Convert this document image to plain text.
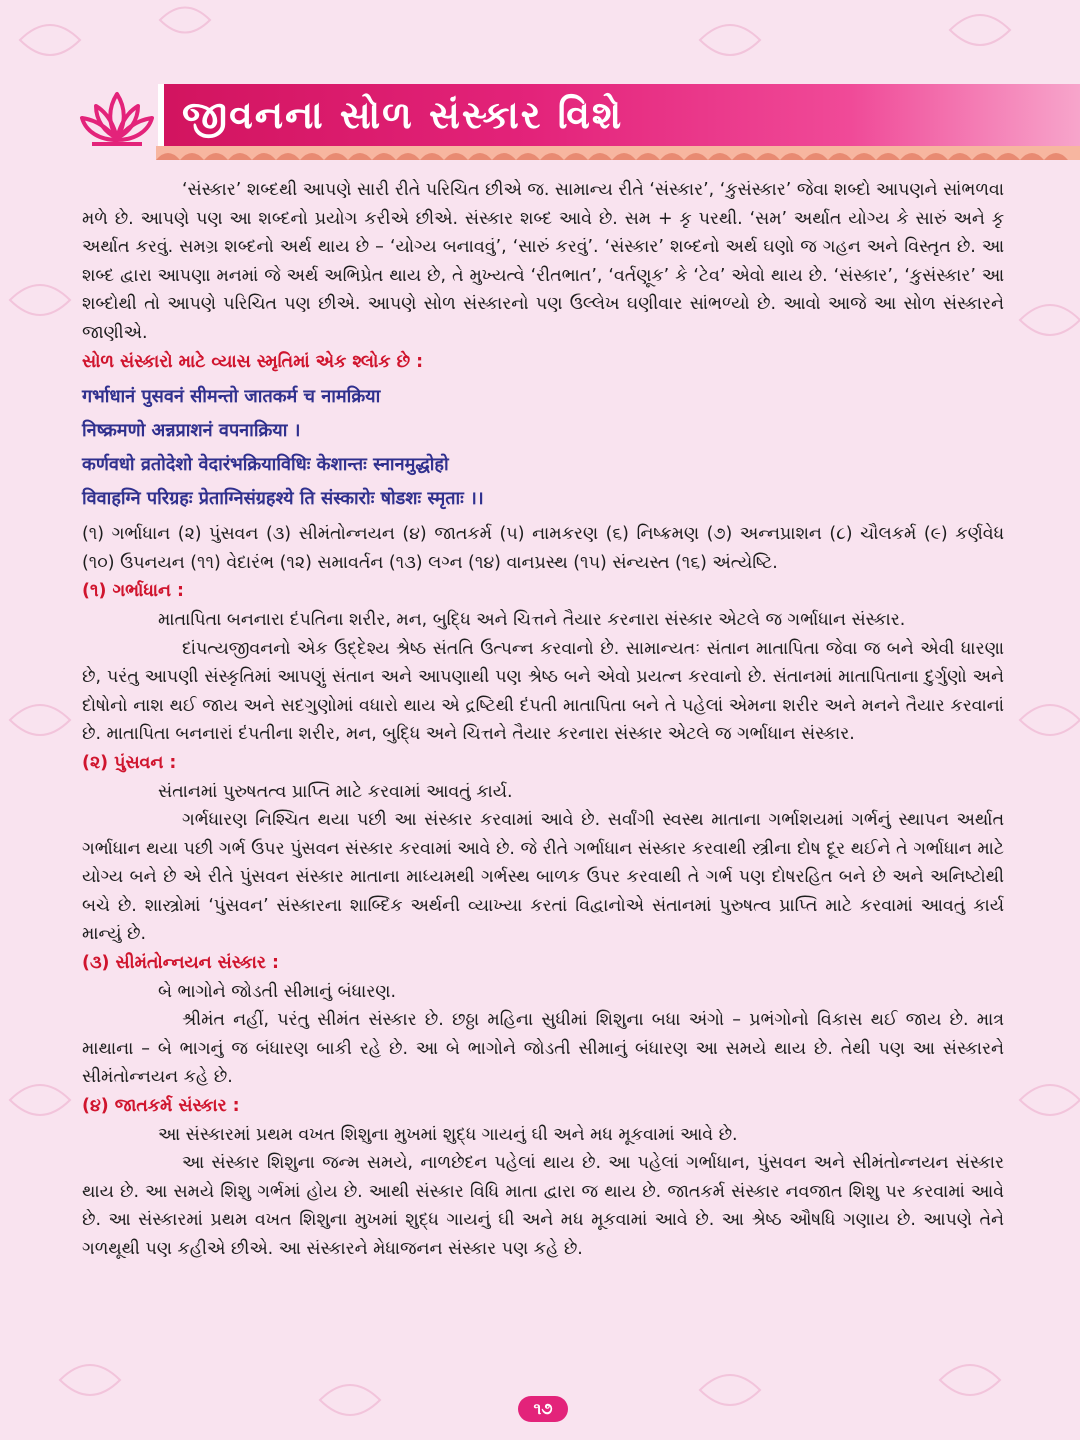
જીવનના સોળ સંસ્કાર વિશે

‘સંસ્કાર’ શબ્દથી આપણે સારી રીતે પરિચિત છીએ જ. સામાન્ય રીતે ‘સંસ્કાર’, ‘કુસંસ્કાર’ જેવા શબ્દો આપણને સાંભળવા મળે છે. આપણે પણ આ શબ્દનો પ્રયોગ કરીએ છીએ. સંસ્કાર શબ્દ આવે છે. સમ + કૃ પરથી. ‘સમ’ અર્થાત યોગ્ય કે સારું અને કૃ અર્થાત કરવું. સમગ્ર શબ્દનો અર્થ થાય છે – ‘યોગ્ય બનાવવું’, ‘સારું કરવું’. ‘સંસ્કાર’ શબ્દનો અર્થ ઘણો જ ગહન અને વિસ્તૃત છે. આ શબ્દ દ્વારા આપણા મનમાં જે અર્થ અભિપ્રેત થાય છે, તે મુખ્યત્વે ‘રીતભાત’, ‘વર્તણૂક’ કે ‘ટેવ’ એવો થાય છે. ‘સંસ્કાર’, ‘કુસંસ્કાર’ આ શબ્દોથી તો આપણે પરિચિત પણ છીએ. આપણે સોળ સંસ્કારનો પણ ઉલ્લેખ ઘણીવાર સાંભળ્યો છે. આવો આજે આ સોળ સંસ્કારને જાણીએ.

સોળ સંસ્કારો માટે વ્યાસ સ્મૃતિમાં એક શ્લોક છે :

गर्भाधानं पुसवनं सीमन्तो जातकर्म च नामक्रिया

निष्क्रमणो अन्नप्राशनं वपनाक्रिया ।

कर्णवधो व्रतोदेशो वेदारंभक्रियाविधिः केशान्तः स्नानमुद्धोहो

विवाहग्नि परिग्रहः प्रेताग्निसंग्रहश्ये ति संस्कारोः षोडशः स्मृताः ।।

(૧) ગર્ભાધાન (૨) પુંસવન (૩) સીમંતોન્નયન (૪) જાતકર્મ (૫) નામકરણ (૬) નિષ્ક્રમણ (૭) અન્નપ્રાશન (૮) ચૌલકર્મ (૯) કર્ણવેધ (૧૦) ઉપનયન (૧૧) વેદારંભ (૧૨) સમાવર્તન (૧૩) લગ્ન (૧૪) વાનપ્રસ્થ (૧૫) સંન્યસ્ત (૧૬) અંત્યેષ્ટિ.

(૧) ગર્ભાધાન :

માતાપિતા બનનારા દંપતિના શરીર, મન, બુદ્ધિ અને ચિત્તને તૈયાર કરનારા સંસ્કાર એટલે જ ગર્ભાધાન સંસ્કાર.

દાંપત્યજીવનનો એક ઉદ્દેશ્ય શ્રેષ્ઠ સંતતિ ઉત્પન્ન કરવાનો છે. સામાન્યતઃ સંતાન માતાપિતા જેવા જ બને એવી ધારણા છે, પરંતુ આપણી સંસ્કૃતિમાં આપણું સંતાન અને આપણાથી પણ શ્રેષ્ઠ બને એવો પ્રયત્ન કરવાનો છે. સંતાનમાં માતાપિતાના દુર્ગુણો અને દોષોનો નાશ થઈ જાય અને સદગુણોમાં વધારો થાય એ દ્રષ્ટિથી દંપતી માતાપિતા બને તે પહેલાં એમના શરીર અને મનને તૈયાર કરવાનાં છે. માતાપિતા બનનારાં દંપતીના શરીર, મન, બુદ્ધિ અને ચિત્તને તૈયાર કરનારા સંસ્કાર એટલે જ ગર્ભાધાન સંસ્કાર.

(૨) પુંસવન :

સંતાનમાં પુરુષતત્વ પ્રાપ્તિ માટે કરવામાં આવતું કાર્ય.

ગર્ભધારણ નિશ્ચિત થયા પછી આ સંસ્કાર કરવામાં આવે છે. સર્વાંગી સ્વસ્થ માતાના ગર્ભાશયમાં ગર્ભનું સ્થાપન અર્થાત ગર્ભાધાન થયા પછી ગર્ભ ઉપર પુંસવન સંસ્કાર કરવામાં આવે છે. જે રીતે ગર્ભાધાન સંસ્કાર કરવાથી સ્ત્રીના દોષ દૂર થઈને તે ગર્ભાધાન માટે યોગ્ય બને છે એ રીતે પુંસવન સંસ્કાર માતાના માધ્યમથી ગર્ભસ્થ બાળક ઉપર કરવાથી તે ગર્ભ પણ દોષરહિત બને છે અને અનિષ્ટોથી બચે છે. શાસ્ત્રોમાં ‘પુંસવન’ સંસ્કારના શાબ્દિક અર્થની વ્યાખ્યા કરતાં વિદ્વાનોએ સંતાનમાં પુરુષત્વ પ્રાપ્તિ માટે કરવામાં આવતું કાર્ય માન્યું છે.

(૩) સીમંતોન્નયન સંસ્કાર :

બે ભાગોને જોડતી સીમાનું બંધારણ.

શ્રીમંત નહીં, પરંતુ સીમંત સંસ્કાર છે. છઠ્ઠા મહિના સુધીમાં શિશુના બધા અંગો – પ્રભંગોનો વિકાસ થઈ જાય છે. માત્ર માથાના – બે ભાગનું જ બંધારણ બાકી રહે છે. આ બે ભાગોને જોડતી સીમાનું બંધારણ આ સમયે થાય છે. તેથી પણ આ સંસ્કારને સીમંતોન્નયન કહે છે.

(૪) જાતકર્મ સંસ્કાર :

આ સંસ્કારમાં પ્રથમ વખત શિશુના મુખમાં શુદ્ધ ગાયનું ઘી અને મધ મૂકવામાં આવે છે.

આ સંસ્કાર શિશુના જન્મ સમયે, નાળછેદન પહેલાં થાય છે. આ પહેલાં ગર્ભાધાન, પુંસવન અને સીમંતોન્નયન સંસ્કાર થાય છે. આ સમયે શિશુ ગર્ભમાં હોય છે. આથી સંસ્કાર વિધિ માતા દ્વારા જ થાય છે. જાતકર્મ સંસ્કાર નવજાત શિશુ પર કરવામાં આવે છે. આ સંસ્કારમાં પ્રથમ વખત શિશુના મુખમાં શુદ્ધ ગાયનું ઘી અને મધ મૂકવામાં આવે છે. આ શ્રેષ્ઠ ઔષધિ ગણાય છે. આપણે તેને ગળથૂથી પણ કહીએ છીએ. આ સંસ્કારને મેધાજનન સંસ્કાર પણ કહે છે.

૧૭
